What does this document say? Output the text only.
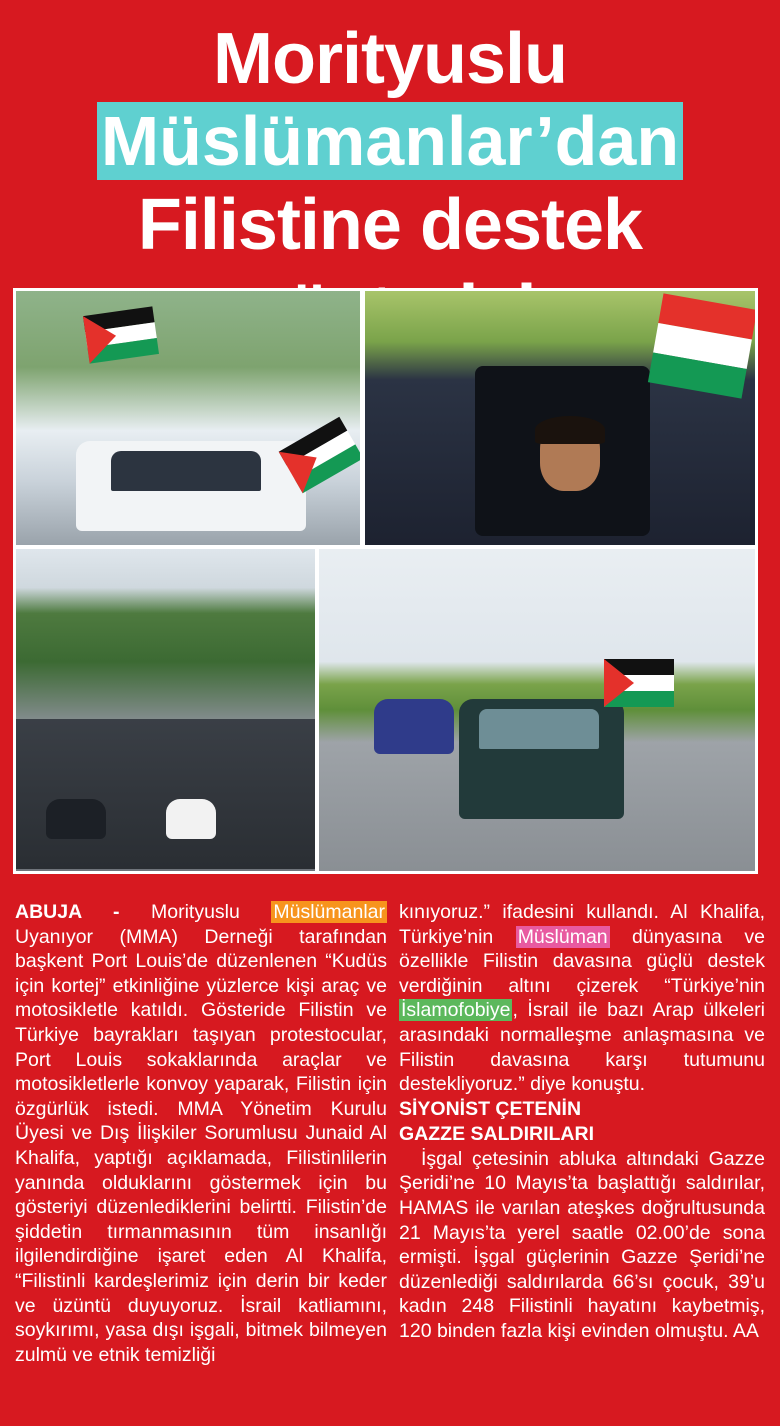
Morityuslu
Müslümanlar’dan
Filistine destek

ABUJA - Morityuslu Müslümanlar Uyanıyor (MMA) Derneği tarafından başkent Port Louis’de düzenlenen “Kudüs için kortej” etkinliğine yüzlerce kişi araç ve motosikletle katıldı. Gösteride Filistin ve Türkiye bayrakları taşıyan protestocular, Port Louis sokaklarında araçlar ve motosikletlerle konvoy yaparak, Filistin için özgürlük istedi. MMA Yönetim Kurulu Üyesi ve Dış İlişkiler Sorumlusu Junaid Al Khalifa, yaptığı açıklamada, Filistinlilerin yanında olduklarını göstermek için bu gösteriyi düzenlediklerini belirtti. Filistin’de şiddetin tırmanmasının tüm insanlığı ilgilendirdiğine işaret eden Al Khalifa, “Filistinli kardeşlerimiz için derin bir keder ve üzüntü duyuyoruz. İsrail katliamını, soykırımı, yasa dışı işgali, bitmek bilmeyen zulmü ve etnik temizliği

kınıyoruz.” ifadesini kullandı. Al Khalifa, Türkiye’nin Müslüman dünyasına ve özellikle Filistin davasına güçlü destek verdiğinin altını çizerek “Türkiye’nin İslamofobiye , İsrail ile bazı Arap ülkeleri arasındaki normalleşme anlaşmasına ve Filistin davasına karşı tutumunu destekliyoruz.” diye konuştu.

SİYONİST ÇETENİN

GAZZE SALDIRILARI

İşgal çetesinin abluka altındaki Gazze Şeridi’ne 10 Mayıs’ta başlattığı saldırılar, HAMAS ile varılan ateşkes doğrultusunda 21 Mayıs’ta yerel saatle 02.00’de sona ermişti. İşgal güçlerinin Gazze Şeridi’ne düzenlediği saldırılarda 66’sı çocuk, 39’u kadın 248 Filistinli hayatını kaybetmiş, 120 binden fazla kişi evinden olmuştu. AA
